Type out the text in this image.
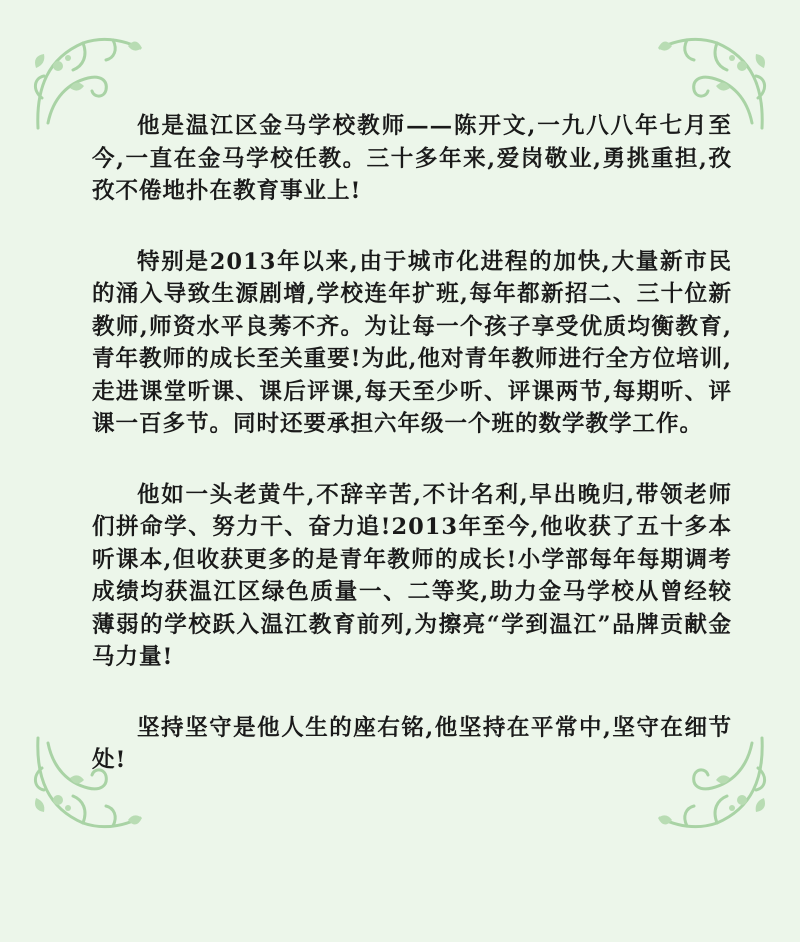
他是温江区金马学校教师——陈开文,一九八八年七月至今,一直在金马学校任教。三十多年来,爱岗敬业,勇挑重担,孜孜不倦地扑在教育事业上!

特别是2013年以来,由于城市化进程的加快,大量新市民的涌入导致生源剧增,学校连年扩班,每年都新招二、三十位新教师,师资水平良莠不齐。为让每一个孩子享受优质均衡教育,青年教师的成长至关重要!为此,他对青年教师进行全方位培训,走进课堂听课、课后评课,每天至少听、评课两节,每期听、评课一百多节。同时还要承担六年级一个班的数学教学工作。

他如一头老黄牛,不辞辛苦,不计名利,早出晚归,带领老师们拼命学、努力干、奋力追!2013年至今,他收获了五十多本听课本,但收获更多的是青年教师的成长!小学部每年每期调考成绩均获温江区绿色质量一、二等奖,助力金马学校从曾经较薄弱的学校跃入温江教育前列,为擦亮“学到温江”品牌贡献金马力量!

坚持坚守是他人生的座右铭,他坚持在平常中,坚守在细节处!
